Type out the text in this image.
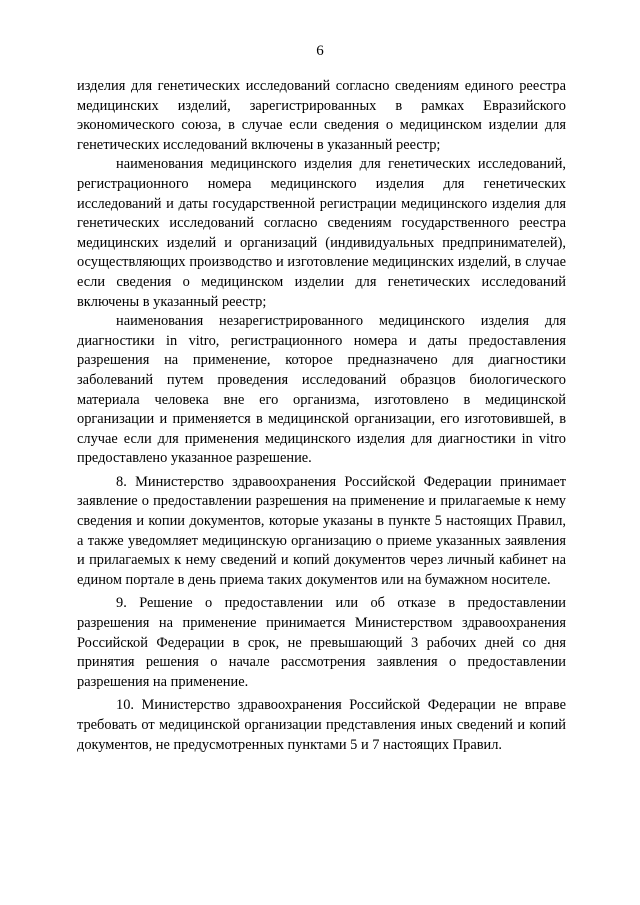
6

изделия для генетических исследований согласно сведениям единого реестра медицинских изделий, зарегистрированных в рамках Евразийского экономического союза, в случае если сведения о медицинском изделии для генетических исследований включены в указанный реестр;

наименования медицинского изделия для генетических исследований, регистрационного номера медицинского изделия для генетических исследований и даты государственной регистрации медицинского изделия для генетических исследований согласно сведениям государственного реестра медицинских изделий и организаций (индивидуальных предпринимателей), осуществляющих производство и изготовление медицинских изделий, в случае если сведения о медицинском изделии для генетических исследований включены в указанный реестр;

наименования незарегистрированного медицинского изделия для диагностики in vitro, регистрационного номера и даты предоставления разрешения на применение, которое предназначено для диагностики заболеваний путем проведения исследований образцов биологического материала человека вне его организма, изготовлено в медицинской организации и применяется в медицинской организации, его изготовившей, в случае если для применения медицинского изделия для диагностики in vitro предоставлено указанное разрешение.

8. Министерство здравоохранения Российской Федерации принимает заявление о предоставлении разрешения на применение и прилагаемые к нему сведения и копии документов, которые указаны в пункте 5 настоящих Правил, а также уведомляет медицинскую организацию о приеме указанных заявления и прилагаемых к нему сведений и копий документов через личный кабинет на едином портале в день приема таких документов или на бумажном носителе.

9. Решение о предоставлении или об отказе в предоставлении разрешения на применение принимается Министерством здравоохранения Российской Федерации в срок, не превышающий 3 рабочих дней со дня принятия решения о начале рассмотрения заявления о предоставлении разрешения на применение.

10. Министерство здравоохранения Российской Федерации не вправе требовать от медицинской организации представления иных сведений и копий документов, не предусмотренных пунктами 5 и 7 настоящих Правил.
